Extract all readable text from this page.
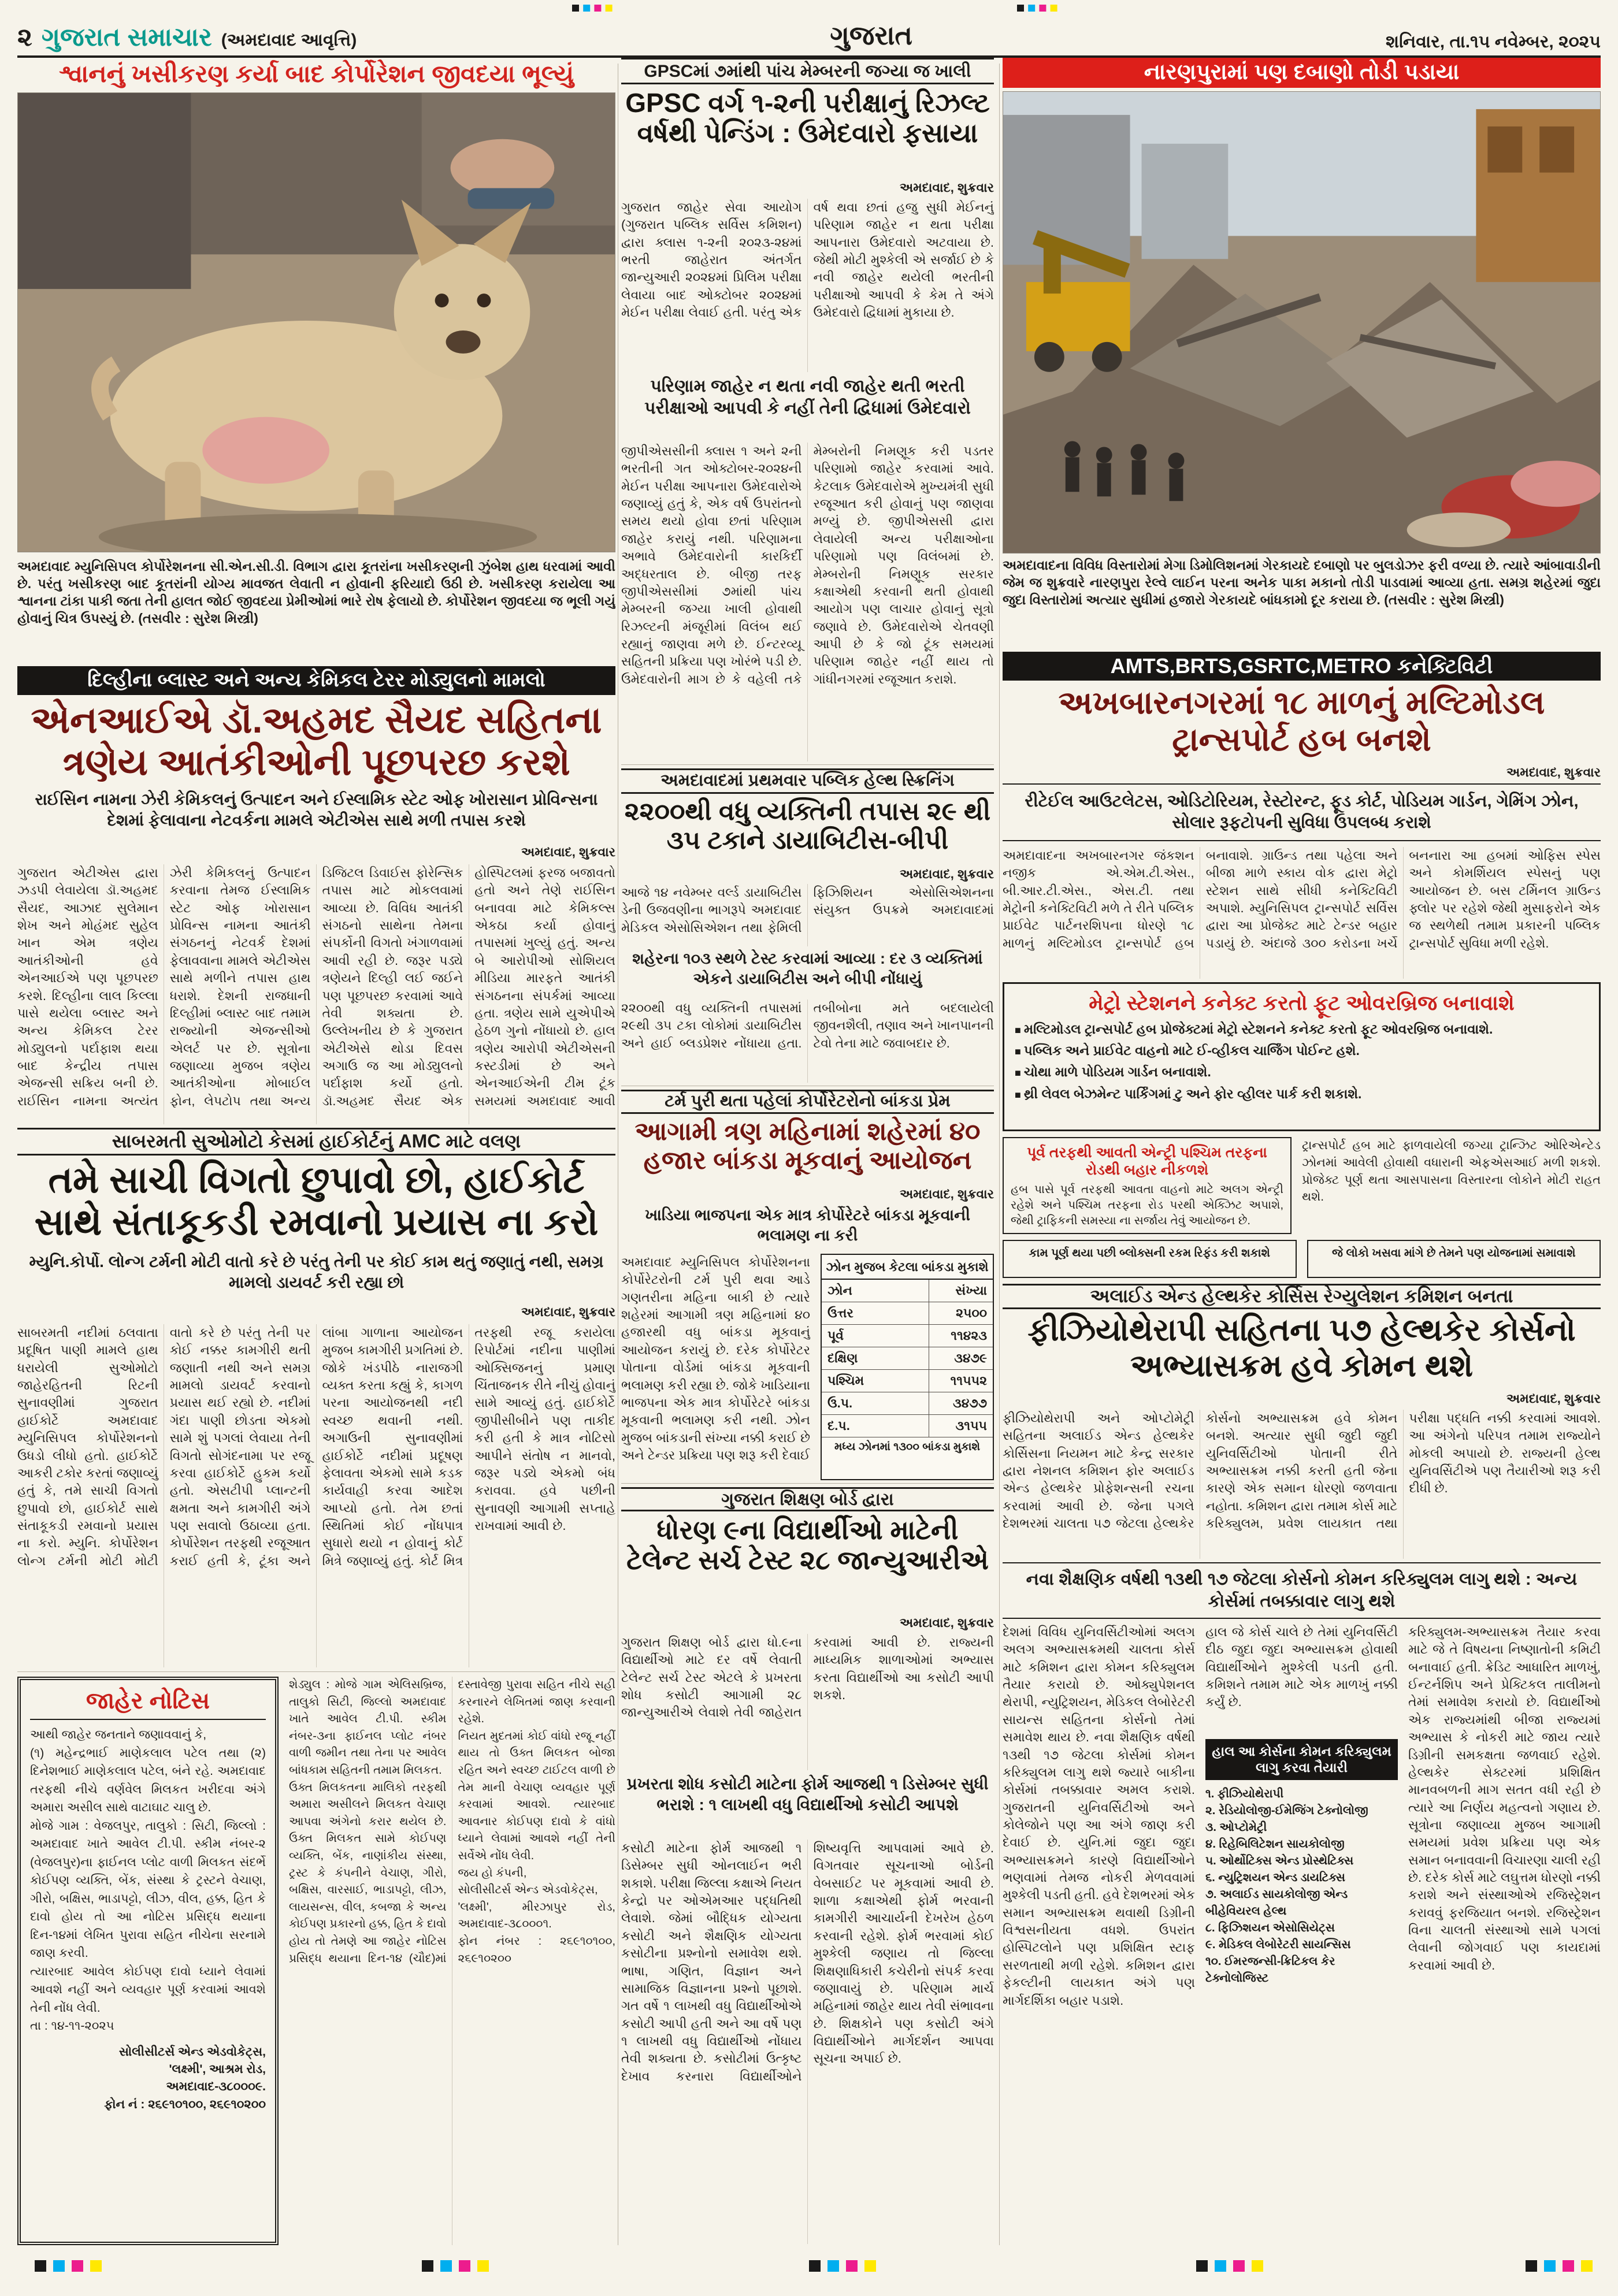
૨ ગુજરાત સમાચાર (અમદાવાદ આવૃત્તિ)	ગુજરાત	શનિવાર, તા.૧૫ નવેમ્બર, ૨૦૨૫
શ્વાનનું ખસીકરણ કર્યા બાદ કોર્પોરેશન જીવદયા ભૂલ્યું

અમદાવાદ મ્યુનિસિપલ કોર્પોરેશનના સી.એન.સી.ડી. વિભાગ દ્વારા કૂતરાંના ખસીકરણની ઝુંબેશ હાથ ધરવામાં આવી છે. પરંતુ ખસીકરણ બાદ કૂતરાંની યોગ્ય માવજત લેવાતી ન હોવાની ફરિયાદો ઉઠી છે. ખસીકરણ કરાયેલા આ શ્વાનના ટાંકા પાકી જતા તેની હાલત જોઈ જીવદયા પ્રેમીઓમાં ભારે રોષ ફેલાયો છે. કોર્પોરેશન જીવદયા જ ભૂલી ગયું હોવાનું ચિત્ર ઉપસ્યું છે. (તસવીર : સુરેશ મિસ્ત્રી)

દિલ્હીના બ્લાસ્ટ અને અન્ય કેમિકલ ટેરર મોડ્યુલનો મામલો
એનઆઈએ ડૉ.અહમદ સૈયદ સહિતના ત્રણેય આતંકીઓની પૂછપરછ કરશે
રાઈસિન નામના ઝેરી કેમિકલનું ઉત્પાદન અને ઈસ્લામિક સ્ટેટ ઓફ ખોરાસાન પ્રોવિન્સના દેશમાં ફેલાવાના નેટવર્કના મામલે એટીએસ સાથે મળી તપાસ કરશે
અમદાવાદ, શુક્રવાર
ગુજરાત એટીએસ દ્વારા ઝડપી લેવાયેલા ડૉ.અહમદ સૈયદ, આઝાદ સુલેમાન શેખ અને મોહંમદ સુહેલ ખાન એમ ત્રણેય આતંકીઓની હવે એનઆઈએ પણ પૂછપરછ કરશે. દિલ્હીના લાલ કિલ્લા પાસે થયેલા બ્લાસ્ટ અને અન્ય કેમિકલ ટેરર મોડ્યુલનો પર્દાફાશ થયા બાદ કેન્દ્રીય તપાસ એજન્સી સક્રિય બની છે. રાઈસિન નામના અત્યંત ઝેરી કેમિકલનું ઉત્પાદન કરવાના તેમજ ઈસ્લામિક સ્ટેટ ઓફ ખોરાસાન પ્રોવિન્સ નામના આતંકી સંગઠનનું નેટવર્ક દેશમાં ફેલાવવાના મામલે એટીએસ સાથે મળીને તપાસ હાથ ધરાશે. દેશની રાજધાની દિલ્હીમાં બ્લાસ્ટ બાદ તમામ રાજ્યોની એજન્સીઓ એલર્ટ પર છે. સૂત્રોના જણાવ્યા મુજબ ત્રણેય આતંકીઓના મોબાઈલ ફોન, લેપટોપ તથા અન્ય ડિજિટલ ડિવાઈસ ફોરેન્સિક તપાસ માટે મોકલવામાં આવ્યા છે. વિવિધ આતંકી સંગઠનો સાથેના તેમના સંપર્કોની વિગતો ખંગાળવામાં આવી રહી છે. જરૂર પડ્યે ત્રણેયને દિલ્હી લઈ જઈને પણ પૂછપરછ કરવામાં આવે તેવી શક્યતા છે. ઉલ્લેખનીય છે કે ગુજરાત એટીએસે થોડા દિવસ અગાઉ જ આ મોડ્યુલનો પર્દાફાશ કર્યો હતો. ડૉ.અહમદ સૈયદ એક હોસ્પિટલમાં ફરજ બજાવતો હતો અને તેણે રાઈસિન બનાવવા માટે કેમિકલ્સ એકઠા કર્યા હોવાનું તપાસમાં ખુલ્યું હતું. અન્ય બે આરોપીઓ સોશિયલ મીડિયા મારફતે આતંકી સંગઠનના સંપર્કમાં આવ્યા હતા. ત્રણેય સામે યુએપીએ હેઠળ ગુનો નોંધાયો છે. હાલ ત્રણેય આરોપી એટીએસની કસ્ટડીમાં છે અને એનઆઈએની ટીમ ટૂંક સમયમાં અમદાવાદ આવી
સાબરમતી સુઓમોટો કેસમાં હાઈકોર્ટનું AMC માટે વલણ
તમે સાચી વિગતો છુપાવો છો, હાઈકોર્ટ સાથે સંતાકૂકડી રમવાનો પ્રયાસ ના કરો
મ્યુનિ.કોર્પો. લોન્ગ ટર્મની મોટી વાતો કરે છે પરંતુ તેની પર કોઈ કામ થતું જણાતું નથી, સમગ્ર મામલો ડાયવર્ટ કરી રહ્યા છો
અમદાવાદ, શુક્રવાર
સાબરમતી નદીમાં ઠલવાતા પ્રદૂષિત પાણી મામલે હાથ ધરાયેલી સુઓમોટો જાહેરહિતની રિટની સુનાવણીમાં ગુજરાત હાઈકોર્ટે અમદાવાદ મ્યુનિસિપલ કોર્પોરેશનનો ઉધડો લીધો હતો. હાઈકોર્ટે આકરી ટકોર કરતાં જણાવ્યું હતું કે, તમે સાચી વિગતો છુપાવો છો, હાઈકોર્ટ સાથે સંતાકૂકડી રમવાનો પ્રયાસ ના કરો. મ્યુનિ. કોર્પોરેશન લોન્ગ ટર્મની મોટી મોટી વાતો કરે છે પરંતુ તેની પર કોઈ નક્કર કામગીરી થતી જણાતી નથી અને સમગ્ર મામલો ડાયવર્ટ કરવાનો પ્રયાસ થઈ રહ્યો છે. નદીમાં ગંદા પાણી છોડતા એકમો સામે શું પગલાં લેવાયા તેની વિગતો સોગંદનામા પર રજૂ કરવા હાઈકોર્ટે હુકમ કર્યો હતો. એસટીપી પ્લાન્ટની ક્ષમતા અને કામગીરી અંગે પણ સવાલો ઉઠાવ્યા હતા. કોર્પોરેશન તરફથી રજૂઆત કરાઈ હતી કે, ટૂંકા અને લાંબા ગાળાના આયોજન મુજબ કામગીરી પ્રગતિમાં છે. જોકે ખંડપીઠે નારાજગી વ્યક્ત કરતા કહ્યું કે, કાગળ પરના આયોજનથી નદી સ્વચ્છ થવાની નથી. અગાઉની સુનાવણીમાં હાઈકોર્ટે નદીમાં પ્રદૂષણ ફેલાવતા એકમો સામે કડક કાર્યવાહી કરવા આદેશ આપ્યો હતો. તેમ છતાં સ્થિતિમાં કોઈ નોંધપાત્ર સુધારો થયો ન હોવાનું કોર્ટ મિત્રે જણાવ્યું હતું. કોર્ટ મિત્ર તરફથી રજૂ કરાયેલા રિપોર્ટમાં નદીના પાણીમાં ઓક્સિજનનું પ્રમાણ ચિંતાજનક રીતે નીચું હોવાનું સામે આવ્યું હતું. હાઈકોર્ટે જીપીસીબીને પણ તાકીદ કરી હતી કે માત્ર નોટિસો આપીને સંતોષ ન માનવો, જરૂર પડ્યે એકમો બંધ કરાવવા. હવે પછીની સુનાવણી આગામી સપ્તાહે રાખવામાં આવી છે.
જાહેર નોટિસ
આથી જાહેર જનતાને જણાવવાનું કે,
(૧) મહેન્દ્રભાઈ માણેકલાલ પટેલ તથા (૨) દિનેશભાઈ માણેકલાલ પટેલ, બંને રહે. અમદાવાદ તરફથી નીચે વર્ણવેલ મિલકત ખરીદવા અંગે અમારા અસીલ સાથે વાટાઘાટ ચાલુ છે.
મોજે ગામ : વેજલપુર, તાલુકો : સિટી, જિલ્લો : અમદાવાદ ખાતે આવેલ ટી.પી. સ્કીમ નંબર-૨ (વેજલપુર)ના ફાઈનલ પ્લોટ વાળી મિલકત સંદર્ભે કોઈપણ વ્યક્તિ, બેંક, સંસ્થા કે ટ્રસ્ટને વેચાણ, ગીરો, બક્ષિસ, ભાડાપટ્ટો, લીઝ, વીલ, હક્ક, હિત કે દાવો હોય તો આ નોટિસ પ્રસિદ્ધ થયાના દિન-૧૪માં લેખિત પુરાવા સહિત નીચેના સરનામે જાણ કરવી.
ત્યારબાદ આવેલ કોઈપણ દાવો ધ્યાને લેવામાં આવશે નહીં અને વ્યવહાર પૂર્ણ કરવામાં આવશે તેની નોંધ લેવી.
તા : ૧૪-૧૧-૨૦૨૫
સોલીસીટર્સ એન્ડ એડવોકેટ્સ,
'લક્ષ્મી', આશ્રમ રોડ,
અમદાવાદ-૩૮૦૦૦૯.
ફોન નં : ૨૬૯૧૦૧૦૦, ૨૬૯૧૦૨૦૦
શેડ્યુલ : મોજે ગામ એલિસબ્રિજ, તાલુકો સિટી, જિલ્લો અમદાવાદ ખાતે આવેલ ટી.પી. સ્કીમ નંબર-૩ના ફાઈનલ પ્લોટ નંબર વાળી જમીન તથા તેના પર આવેલ બાંધકામ સહિતની તમામ મિલકત.
ઉક્ત મિલકતના માલિકો તરફથી અમારા અસીલને મિલકત વેચાણ આપવા અંગેનો કરાર થયેલ છે. ઉક્ત મિલકત સામે કોઈપણ વ્યક્તિ, બેંક, નાણાંકીય સંસ્થા, ટ્રસ્ટ કે કંપનીને વેચાણ, ગીરો, બક્ષિસ, વારસાઈ, ભાડાપટ્ટો, લીઝ, લાયસન્સ, વીલ, કબજા કે અન્ય કોઈપણ પ્રકારનો હક્ક, હિત કે દાવો હોય તો તેમણે આ જાહેર નોટિસ પ્રસિદ્ધ થયાના દિન-૧૪ (ચૌદ)માં દસ્તાવેજી પુરાવા સહિત નીચે સહી કરનારને લેખિતમાં જાણ કરવાની રહેશે.
નિયત મુદતમાં કોઈ વાંધો રજૂ નહીં થાય તો ઉક્ત મિલકત બોજા રહિત અને સ્વચ્છ ટાઈટલ વાળી છે તેમ માની વેચાણ વ્યવહાર પૂર્ણ કરવામાં આવશે. ત્યારબાદ આવનાર કોઈપણ દાવો કે વાંધો ધ્યાને લેવામાં આવશે નહીં તેની સર્વેએ નોંધ લેવી.
જય હો કંપની,
સોલીસીટર્સ એન્ડ એડવોકેટ્સ,
'લક્ષ્મી', મીરઝાપુર રોડ, અમદાવાદ-૩૮૦૦૦૧.
ફોન નંબર : ૨૬૯૧૦૧૦૦, ૨૬૯૧૦૨૦૦
GPSCમાં ૭માંથી પાંચ મેમ્બરની જગ્યા જ ખાલી
GPSC વર્ગ ૧-૨ની પરીક્ષાનું રિઝલ્ટ વર્ષથી પેન્ડિંગ : ઉમેદવારો ફસાયા
અમદાવાદ, શુક્રવાર
ગુજરાત જાહેર સેવા આયોગ (ગુજરાત પબ્લિક સર્વિસ કમિશન) દ્વારા ક્લાસ ૧-૨ની ૨૦૨૩-૨૪માં ભરતી જાહેરાત અંતર્ગત જાન્યુઆરી ૨૦૨૪માં પ્રિલિમ પરીક્ષા લેવાયા બાદ ઓક્ટોબર ૨૦૨૪માં મેઈન પરીક્ષા લેવાઈ હતી. પરંતુ એક વર્ષ થવા છતાં હજુ સુધી મેઈનનું પરિણામ જાહેર ન થતા પરીક્ષા આપનારા ઉમેદવારો અટવાયા છે. જેથી મોટી મુશ્કેલી એ સર્જાઈ છે કે નવી જાહેર થયેલી ભરતીની પરીક્ષાઓ આપવી કે કેમ તે અંગે ઉમેદવારો દ્વિધામાં મુકાયા છે.
પરિણામ જાહેર ન થતા નવી જાહેર થતી ભરતી પરીક્ષાઓ આપવી કે નહીં તેની દ્વિધામાં ઉમેદવારો
જીપીએસસીની ક્લાસ ૧ અને ૨ની ભરતીની ગત ઓક્ટોબર-૨૦૨૪ની મેઈન પરીક્ષા આપનારા ઉમેદવારોએ જણાવ્યું હતું કે, એક વર્ષ ઉપરાંતનો સમય થયો હોવા છતાં પરિણામ જાહેર કરાયું નથી. પરિણામના અભાવે ઉમેદવારોની કારકિર્દી અદ્ધરતાલ છે. બીજી તરફ જીપીએસસીમાં ૭માંથી પાંચ મેમ્બરની જગ્યા ખાલી હોવાથી રિઝલ્ટની મંજૂરીમાં વિલંબ થઈ રહ્યાનું જાણવા મળે છે. ઈન્ટરવ્યૂ સહિતની પ્રક્રિયા પણ ખોરંભે પડી છે. ઉમેદવારોની માગ છે કે વહેલી તકે મેમ્બરોની નિમણૂક કરી પડતર પરિણામો જાહેર કરવામાં આવે. કેટલાક ઉમેદવારોએ મુખ્યમંત્રી સુધી રજૂઆત કરી હોવાનું પણ જાણવા મળ્યું છે. જીપીએસસી દ્વારા લેવાયેલી અન્ય પરીક્ષાઓના પરિણામો પણ વિલંબમાં છે. મેમ્બરોની નિમણૂક સરકાર કક્ષાએથી કરવાની થતી હોવાથી આયોગ પણ લાચાર હોવાનું સૂત્રો જણાવે છે. ઉમેદવારોએ ચેતવણી આપી છે કે જો ટૂંક સમયમાં પરિણામ જાહેર નહીં થાય તો ગાંધીનગરમાં રજૂઆત કરાશે.
અમદાવાદમાં પ્રથમવાર પબ્લિક હેલ્થ સ્ક્રિનિંગ
૨૨૦૦થી વધુ વ્યક્તિની તપાસ ૨૯ થી ૩૫ ટકાને ડાયાબિટીસ-બીપી
અમદાવાદ, શુક્રવાર
આજે ૧૪ નવેમ્બર વર્લ્ડ ડાયાબિટીસ ડેની ઉજવણીના ભાગરૂપે અમદાવાદ મેડિકલ એસોસિએશન તથા ફેમિલી ફિઝિશિયન એસોસિએશનના સંયુક્ત ઉપક્રમે અમદાવાદમાં
શહેરના ૧૦૩ સ્થળે ટેસ્ટ કરવામાં આવ્યા : દર ૩ વ્યક્તિમાં એકને ડાયાબિટીસ અને બીપી નોંધાયું
૨૨૦૦થી વધુ વ્યક્તિની તપાસમાં ૨૯થી ૩૫ ટકા લોકોમાં ડાયાબિટીસ અને હાઈ બ્લડપ્રેશર નોંધાયા હતા. તબીબોના મતે બદલાયેલી જીવનશૈલી, તણાવ અને ખાનપાનની ટેવો તેના માટે જવાબદાર છે.
ટર્મ પુરી થતા પહેલાં કોર્પોરેટરોનો બાંકડા પ્રેમ
આગામી ત્રણ મહિનામાં શહેરમાં ૪૦ હજાર બાંકડા મૂકવાનું આયોજન
અમદાવાદ, શુક્રવાર
ખાડિયા ભાજપના એક માત્ર કોર્પોરેટરે બાંકડા મૂકવાની ભલામણ ના કરી
અમદાવાદ મ્યુનિસિપલ કોર્પોરેશનના કોર્પોરેટરોની ટર્મ પુરી થવા આડે ગણતરીના મહિના બાકી છે ત્યારે શહેરમાં આગામી ત્રણ મહિનામાં ૪૦ હજારથી વધુ બાંકડા મૂકવાનું આયોજન કરાયું છે. દરેક કોર્પોરેટર પોતાના વોર્ડમાં બાંકડા મૂકવાની ભલામણ કરી રહ્યા છે. જોકે ખાડિયાના ભાજપના એક માત્ર કોર્પોરેટરે બાંકડા મૂકવાની ભલામણ કરી નથી. ઝોન મુજબ બાંકડાની સંખ્યા નક્કી કરાઈ છે અને ટેન્ડર પ્રક્રિયા પણ શરૂ કરી દેવાઈ
ઝોન મુજબ કેટલા બાંકડા મુકાશે
ઝોન	સંખ્યા
ઉત્તર	૨૫૦૦
પૂર્વ	૧૧૪૨૩
દક્ષિણ	૩૪૭૯
પશ્ચિમ	૧૧૫૫૨
ઉ.પ.	૩૪૭૭
દ.પ.	૩૧૫૫
મધ્ય ઝોનમાં ૧૩૦૦ બાંકડા મુકાશે
ગુજરાત શિક્ષણ બોર્ડ દ્વારા
ધોરણ ૯ના વિદ્યાર્થીઓ માટેની ટેલેન્ટ સર્ચ ટેસ્ટ ૨૮ જાન્યુઆરીએ
અમદાવાદ, શુક્રવાર
ગુજરાત શિક્ષણ બોર્ડ દ્વારા ધો.૯ના વિદ્યાર્થીઓ માટે દર વર્ષે લેવાતી ટેલેન્ટ સર્ચ ટેસ્ટ એટલે કે પ્રખરતા શોધ કસોટી આગામી ૨૮ જાન્યુઆરીએ લેવાશે તેવી જાહેરાત કરવામાં આવી છે. રાજ્યની માધ્યમિક શાળાઓમાં અભ્યાસ કરતા વિદ્યાર્થીઓ આ કસોટી આપી શકશે.
પ્રખરતા શોધ કસોટી માટેના ફોર્મ આજથી ૧ ડિસેમ્બર સુધી ભરાશે : ૧ લાખથી વધુ વિદ્યાર્થીઓ કસોટી આપશે
કસોટી માટેના ફોર્મ આજથી ૧ ડિસેમ્બર સુધી ઓનલાઈન ભરી શકાશે. પરીક્ષા જિલ્લા કક્ષાએ નિયત કેન્દ્રો પર ઓએમઆર પદ્ધતિથી લેવાશે. જેમાં બૌદ્ધિક યોગ્યતા કસોટી અને શૈક્ષણિક યોગ્યતા કસોટીના પ્રશ્નોનો સમાવેશ થશે. ભાષા, ગણિત, વિજ્ઞાન અને સામાજિક વિજ્ઞાનના પ્રશ્નો પૂછાશે. ગત વર્ષે ૧ લાખથી વધુ વિદ્યાર્થીઓએ કસોટી આપી હતી અને આ વર્ષે પણ ૧ લાખથી વધુ વિદ્યાર્થીઓ નોંધાય તેવી શક્યતા છે. કસોટીમાં ઉત્કૃષ્ટ દેખાવ કરનારા વિદ્યાર્થીઓને શિષ્યવૃત્તિ આપવામાં આવે છે. વિગતવાર સૂચનાઓ બોર્ડની વેબસાઈટ પર મૂકવામાં આવી છે. શાળા કક્ષાએથી ફોર્મ ભરવાની કામગીરી આચાર્યની દેખરેખ હેઠળ કરવાની રહેશે. ફોર્મ ભરવામાં કોઈ મુશ્કેલી જણાય તો જિલ્લા શિક્ષણાધિકારી કચેરીનો સંપર્ક કરવા જણાવાયું છે. પરિણામ માર્ચ મહિનામાં જાહેર થાય તેવી સંભાવના છે. શિક્ષકોને પણ કસોટી અંગે વિદ્યાર્થીઓને માર્ગદર્શન આપવા સૂચના અપાઈ છે.
નારણપુરામાં પણ દબાણો તોડી પડાયા

અમદાવાદના વિવિધ વિસ્તારોમાં મેગા ડિમોલિશનમાં ગેરકાયદે દબાણો પર બુલડોઝર ફરી વળ્યા છે. ત્યારે આંબાવાડીની જેમ જ શુક્રવારે નારણપુરા રેલ્વે લાઈન પરના અનેક પાકા મકાનો તોડી પાડવામાં આવ્યા હતા. સમગ્ર શહેરમાં જુદા જુદા વિસ્તારોમાં અત્યાર સુધીમાં હજારો ગેરકાયદે બાંધકામો દૂર કરાયા છે. (તસવીર : સુરેશ મિસ્ત્રી)

AMTS,BRTS,GSRTC,METRO કનેક્ટિવિટી
અખબારનગરમાં ૧૮ માળનું મલ્ટિમોડલ ટ્રાન્સપોર્ટ હબ બનશે
અમદાવાદ, શુક્રવાર
રીટેઈલ આઉટલેટસ, ઓડિટોરિયમ, રેસ્ટોરન્ટ, ફૂડ કોર્ટ, પોડિયમ ગાર્ડન, ગેમિંગ ઝોન, સોલાર રૂફટોપની સુવિધા ઉપલબ્ધ કરાશે
અમદાવાદના અખબારનગર જંકશન નજીક એ.એમ.ટી.એસ., બી.આર.ટી.એસ., એસ.ટી. તથા મેટ્રોની કનેક્ટિવિટી મળે તે રીતે પબ્લિક પ્રાઈવેટ પાર્ટનરશિપના ધોરણે ૧૮ માળનું મલ્ટિમોડલ ટ્રાન્સપોર્ટ હબ બનાવાશે. ગ્રાઉન્ડ તથા પહેલા અને બીજા માળે સ્કાય વોક દ્વારા મેટ્રો સ્ટેશન સાથે સીધી કનેક્ટિવિટી અપાશે. મ્યુનિસિપલ ટ્રાન્સપોર્ટ સર્વિસ દ્વારા આ પ્રોજેક્ટ માટે ટેન્ડર બહાર પડાયું છે. અંદાજે ૩૦૦ કરોડના ખર્ચે બનનારા આ હબમાં ઓફિસ સ્પેસ અને કોમર્શિયલ સ્પેસનું પણ આયોજન છે. બસ ટર્મિનલ ગ્રાઉન્ડ ફ્લોર પર રહેશે જેથી મુસાફરોને એક જ સ્થળેથી તમામ પ્રકારની પબ્લિક ટ્રાન્સપોર્ટ સુવિધા મળી રહેશે.
મેટ્રો સ્ટેશનને કનેક્ટ કરતો ફૂટ ઓવરબ્રિજ બનાવાશે
■ મલ્ટિમોડલ ટ્રાન્સપોર્ટ હબ પ્રોજેક્ટમાં મેટ્રો સ્ટેશનને કનેક્ટ કરતો ફૂટ ઓવરબ્રિજ બનાવાશે.
■ પબ્લિક અને પ્રાઈવેટ વાહનો માટે ઈ-વ્હીકલ ચાર્જિંગ પોઈન્ટ હશે.
■ ચોથા માળે પોડિયમ ગાર્ડન બનાવાશે.
■ થ્રી લેવલ બેઝમેન્ટ પાર્કિંગમાં ટુ અને ફોર વ્હીલર પાર્ક કરી શકાશે.
પૂર્વ તરફથી આવતી એન્ટ્રી પશ્ચિમ તરફના રોડથી બહાર નીકળશે
હબ પાસે પૂર્વ તરફથી આવતા વાહનો માટે અલગ એન્ટ્રી રહેશે અને પશ્ચિમ તરફના રોડ પરથી એક્ઝિટ અપાશે, જેથી ટ્રાફિકની સમસ્યા ના સર્જાય તેવું આયોજન છે.
ટ્રાન્સપોર્ટ હબ માટે ફાળવાયેલી જગ્યા ટ્રાન્ઝિટ ઓરિએન્ટેડ ઝોનમાં આવેલી હોવાથી વધારાની એફએસઆઈ મળી શકશે. પ્રોજેક્ટ પૂર્ણ થતા આસપાસના વિસ્તારના લોકોને મોટી રાહત થશે.
કામ પૂર્ણ થયા પછી બ્લોક્સની રકમ રિફંડ કરી શકાશે	જે લોકો ખસવા માંગે છે તેમને પણ યોજનામાં સમાવાશે
અલાઈડ એન્ડ હેલ્થકેર કોર્સિસ રેગ્યુલેશન કમિશન બનતા
ફીઝિયોથેરાપી સહિતના ૫૭ હેલ્થકેર કોર્સનો અભ્યાસક્રમ હવે કોમન થશે
અમદાવાદ, શુક્રવાર
ફીઝિયોથેરાપી અને ઓપ્ટોમેટ્રી સહિતના અલાઈડ એન્ડ હેલ્થકેર કોર્સિસના નિયમન માટે કેન્દ્ર સરકાર દ્વારા નેશનલ કમિશન ફોર અલાઈડ એન્ડ હેલ્થકેર પ્રોફેશન્સની રચના કરવામાં આવી છે. જેના પગલે દેશભરમાં ચાલતા ૫૭ જેટલા હેલ્થકેર કોર્સનો અભ્યાસક્રમ હવે કોમન બનશે. અત્યાર સુધી જુદી જુદી યુનિવર્સિટીઓ પોતાની રીતે અભ્યાસક્રમ નક્કી કરતી હતી જેના કારણે એક સમાન ધોરણો જળવાતા નહોતા. કમિશન દ્વારા તમામ કોર્સ માટે કરિક્યુલમ, પ્રવેશ લાયકાત તથા પરીક્ષા પદ્ધતિ નક્કી કરવામાં આવશે. આ અંગેનો પરિપત્ર તમામ રાજ્યોને મોકલી અપાયો છે. રાજ્યની હેલ્થ યુનિવર્સિટીએ પણ તૈયારીઓ શરૂ કરી દીધી છે.
નવા શૈક્ષણિક વર્ષથી ૧૩થી ૧૭ જેટલા કોર્સનો કોમન કરિક્યુલમ લાગુ થશે : અન્ય કોર્સમાં તબક્કાવાર લાગુ થશે
દેશમાં વિવિધ યુનિવર્સિટીઓમાં અલગ અલગ અભ્યાસક્રમથી ચાલતા કોર્સ માટે કમિશન દ્વારા કોમન કરિક્યુલમ તૈયાર કરાયો છે. ઓક્યુપેશનલ થેરાપી, ન્યુટ્રિશયન, મેડિકલ લેબોરેટરી સાયન્સ સહિતના કોર્સનો તેમાં સમાવેશ થાય છે. નવા શૈક્ષણિક વર્ષથી ૧૩થી ૧૭ જેટલા કોર્સમાં કોમન કરિક્યુલમ લાગુ થશે જ્યારે બાકીના કોર્સમાં તબક્કાવાર અમલ કરાશે. ગુજરાતની યુનિવર્સિટીઓ અને કોલેજોને પણ આ અંગે જાણ કરી દેવાઈ છે. યુનિ.માં જુદા જુદા અભ્યાસક્રમને કારણે વિદ્યાર્થીઓને ભણવામાં તેમજ નોકરી મેળવવામાં મુશ્કેલી પડતી હતી. હવે દેશભરમાં એક સમાન અભ્યાસક્રમ થ‌વાથી ડિગ્રીની વિશ્વસનીયતા વધશે. ઉપરાંત હોસ્પિટલોને પણ પ્રશિક્ષિત સ્ટાફ સરળતાથી મળી રહેશે. કમિશન દ્વારા ફેકલ્ટીની લાયકાત અંગે પણ માર્ગદર્શિકા બહાર પડાશે.
હાલ જે કોર્સ ચાલે છે તેમાં યુનિવર્સિટી દીઠ જુદા જુદા અભ્યાસક્રમ હોવાથી વિદ્યાર્થીઓને મુશ્કેલી પડતી હતી. કમિશને તમામ માટે એક માળખું નક્કી કર્યું છે.
હાલ આ કોર્સના કોમન કરિક્યુલમ લાગુ કરવા તૈયારી
૧. ફીઝિયોથેરાપી
૨. રેડિયોલોજી-ઈમેજિંગ ટેક્નોલોજી
૩. ઓપ્ટોમેટ્રી
૪. રિહેબિલિટેશન સાયકોલોજી
૫. ઓર્થોટિક્સ એન્ડ પ્રોસ્થેટિક્સ
૬. ન્યુટ્રિશયન એન્ડ ડાયટિક્સ
૭. અલાઈડ સાયકોલોજી એન્ડ બીહેવિયરલ હેલ્થ
૮. ફિઝિશયન એસોસિયેટ્સ
૯. મેડિકલ લેબોરેટરી સાયન્સિસ
૧૦. ઈમરજન્સી-ક્રિટિકલ કેર ટેક્નોલોજિસ્ટ
કરિક્યુલમ-અભ્યાસક્રમ તૈયાર કરવા માટે જે તે વિષયના નિષ્ણાતોની કમિટી બનાવાઈ હતી. ક્રેડિટ આધારિત માળખું, ઈન્ટર્નશિપ અને પ્રેક્ટિકલ તાલીમનો તેમાં સમાવેશ કરાયો છે. વિદ્યાર્થીઓ એક રાજ્યમાંથી બીજા રાજ્યમાં અભ્યાસ કે નોકરી માટે જાય ત્યારે ડિગ્રીની સમકક્ષતા જળવાઈ રહેશે. હેલ્થકેર સેક્ટરમાં પ્રશિક્ષિત માનવબળની માગ સતત વધી રહી છે ત્યારે આ નિર્ણય મહત્વનો ગણાય છે. સૂત્રોના જણાવ્યા મુજબ આગામી સમયમાં પ્રવેશ પ્રક્રિયા પણ એક સમાન બનાવવાની વિચારણા ચાલી રહી છે. દરેક કોર્સ માટે લઘુત્તમ ધોરણો નક્કી કરાશે અને સંસ્થાઓએ રજિસ્ટ્રેશન કરાવવું ફરજિયાત બનશે. રજિસ્ટ્રેશન વિના ચાલતી સંસ્થાઓ સામે પગલાં લેવાની જોગવાઈ પણ કાયદામાં કરવામાં આવી છે.
